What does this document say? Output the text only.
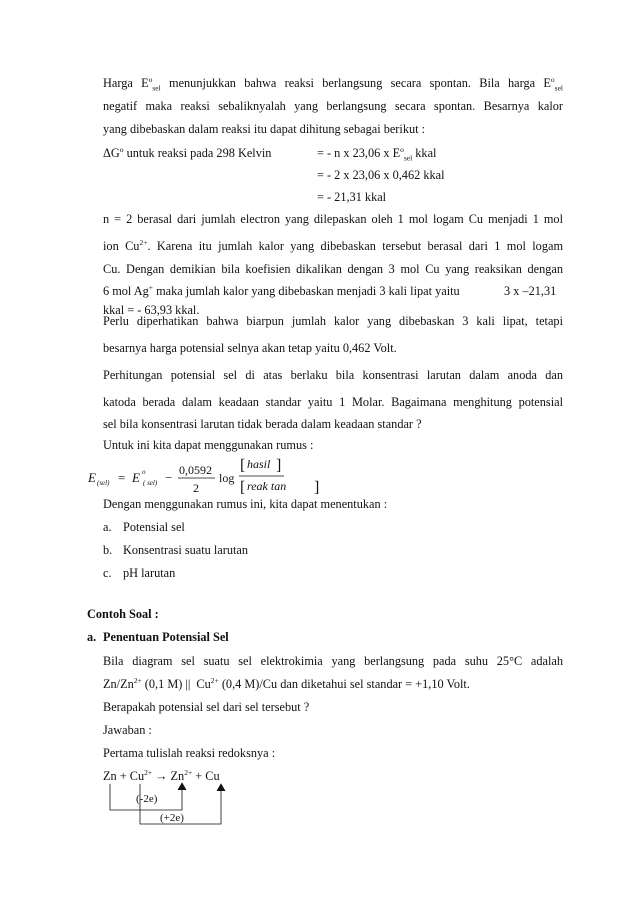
Harga $E^o_{sel}$ menunjukkan bahwa reaksi berlangsung secara spontan. Bila harga $E^o_{sel}$
negatif maka reaksi sebaliknyalah yang berlangsung secara spontan. Besarnya kalor
yang dibebaskan dalam reaksi itu dapat dihitung sebagai berikut :
$\Delta G^o$ untuk reaksi pada 298 Kelvin	= - n x 23,06 x $E^o_{sel}$ kkal
= - 2 x 23,06 x 0,462 kkal
= - 21,31 kkal
n = 2 berasal dari jumlah electron yang dilepaskan oleh 1 mol logam Cu menjadi 1 mol
ion $Cu^{2+}$. Karena itu jumlah kalor yang dibebaskan tersebut berasal dari 1 mol logam
Cu. Dengan demikian bila koefisien dikalikan dengan 3 mol Cu yang reaksikan dengan
6 mol Ag+ maka jumlah kalor yang dibebaskan menjadi 3 kali lipat yaitu	3 x –21,31
kkal = - 63,93 kkal.
Perlu diperhatikan bahwa biarpun jumlah kalor yang dibebaskan 3 kali lipat, tetapi
besarnya harga potensial selnya akan tetap yaitu 0,462 Volt.
Perhitungan potensial sel di atas berlaku bila konsentrasi larutan dalam anoda dan
katoda berada dalam keadaan standar yaitu 1 Molar. Bagaimana menghitung potensial
sel bila konsentrasi larutan tidak berada dalam keadaan standar ?
Untuk ini kita dapat menggunakan rumus :
E (sel) = E o
( sel) − 0,0592
2
log
[ hasil ]
[ reak tan ]
Dengan menggunakan rumus ini, kita dapat menentukan :
a. Potensial sel
b. Konsentrasi suatu larutan
c. pH larutan
Contoh Soal :
a. Penentuan Potensial Sel
Bila diagram sel suatu sel elektrokimia yang berlangsung pada suhu 25°C adalah
$Zn/Zn^{2+}$ (0,1 M) || $Cu^{2+}$ (0,4 M)/Cu dan diketahui sel standar = +1,10 Volt.
Berapakah potensial sel dari sel tersebut ?
Jawaban :
Pertama tulislah reaksi redoksnya :
$Zn + Cu^{2+} \to Zn^{2+} + Cu$
(-2e)
(+2e)
